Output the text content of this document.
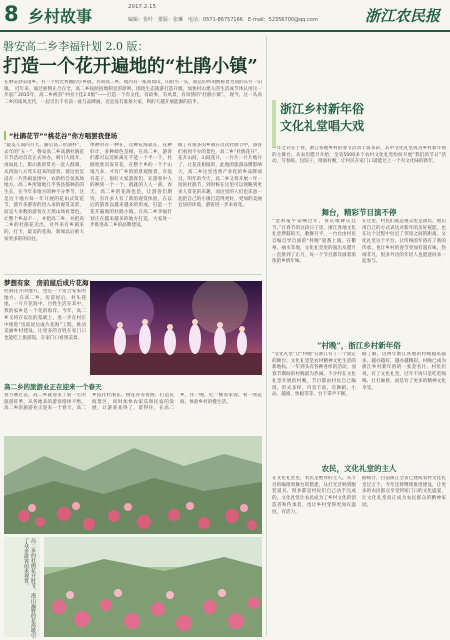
8 乡村故事	2017.2.15
编辑：优叶　排版：张琳　电话：0571-86757166　E-mail：52356700@qq.com	浙江农民报
磐安高二乡李福针划 2.0 版：
打造一个花开遍地的“杜鹃小镇”
在磐安县安南乡，有一个用光秀丽的小乡镇，名叫高二乡，境内有一座高岗山，山的另一头，就是的所谓被称誉为顶的东方一山镇。 近年来，通过浙磐正合在全，高二乡按照因地制宜的原则，围绕生态旅游打造升级，加快村山建人的生活成节体认用这一步前广2015年，高二乡被省“中国十佳2.0版”——打造一个有文化，有故事，有风景，有风情的“杜鹃小镇”。 现今，这一从高二乡的南风光代，一起引出千名前一座与品牌画。近是没有准备大家，利的天越开展能源的信乎。
“杜鹃花节”“桃花谷”你方唱罢我登场
“最美人间四月天，随后高二杜鹃杯”，去年的“五一”，磐安高二乡高塘杜鹃花开节活动首次正式举办，吸引大批开，再如此上，影山新的赏名一直人群满，从四面八方驾车赶来的游客，使这里沉浸在一片热闹氛围中，农的约会氛高场地方。高二乡所辖地几乎各县都种苗的生长，在今年多地方的种不分季节，这是这个地方每一年开展的花田式赏花节，使许多游客的进入来的观赏美景，而是大多数的游客在天然山场看景色，让整个乡品不一，并把高二乡，并把高二乡的杜鹃花卖出，对外来有乡镇来的，打卡，最美的花海，新闻以后被大家更多的的向往。
单种对有一种在，这种花海就在，花种好计，多种颜色是相，在高二乡，游客们都可以近距离在不能一个平一千，杜鹃欣欣向发芽花，在整个乡的一个个山地乃多，才有广乡的的景观图景，有没有花子，很好大家游客们，在游客中人的种到一个一个，就就的人人一部。春天，高二乡的花海也是，让游客们期待，有许多人有了新的观赏体验，在以后的游客以越来越多的形成，打造一个花开遍地的杜鹃小镇。在高二乡李福针划正在越来越多的地方打造，大家进一步推进高二乡的品牌建设。
做了有很多的乡镇在这次杜鹃节中，游客们看到不少的景色，高二乡“杜鹃花开”，花开山间，山间花开，一片片一片片地开了，让花花相接的，此地的旅游品牌影响大，高二乡这里也将产业化的乡品牌项目。明年的今天，高二乡又将开展一年一度的杜鹃节，到时候在这里可以领略到更多人赏花的乐趣，而这里的人们也乐意一起把自己的小镇打造得更好，更加的美丽宜居的环境，游客进一步来看花。
梦想有家　房前屋后成片花海
杜鹃花开的地方，也是一个适合安家的地方，在高二乡，房前屋后，村头巷尾，一片片花海中，百姓生活在其中，我的家乡是一个花的海洋。今年，高二乡又将在以往的基础上，进一步在村庄中推进“房前屋后成片花海”工程，推动美丽乡村建设。让更多的百姓在家门口也能吃上旅游饭，在家门口看到美景。
高二乡的旅游业正在迎来一个春天
春节刚过去，高二乡就迎来了新一年的旅游旺季，从各地来的游客络绎不绝。高二乡的旅游业正迎来一个春天，高二乡依托杜鹃花、桃花谷等资源，打造花海景区，同时加快农家乐和民宿的发展，让游客来得了，留得住，在高二乡，住一晚，吃一顿农家饭，看一场花海，体验乡村的慢生活。
高二乡的杜鹃花开时节，漫山遍野的花海吸引了众多游客前来观赏。
浙江乡村新年俗
文化礼堂唱大戏
一年之计在于春，浙江各地乡村的春节活动丰富多彩，其中文化礼堂成为乡村新年俗的主舞台。从农历腊月开始，全省5000多个农村文化礼堂纷纷开展“我们的节日”活动，写春联、包饺子、排演村晚，让村民在家门口就能过上一个有文化味的新年。
舞台，精彩节目演不停
“金鸡报平安啊过年，喜庆歌舞庆佳节。”在春节的这段日子里，浙江各地文化礼堂锣鼓喧天，歌舞升平，一台台由村民自编自导自演的“村晚”轮番上演。在衢州、丽水等地，文化礼堂里的演出从腊月一直排到了正月，每一个节目都洋溢着浓浓的乡情年味。
在这里，村民们既是观众也是演员，他们用自己的方式表达对新年的美好祝愿，也在这个过程中拉近了邻里之间的距离。文化礼堂这个平台，让传统的年俗有了新的传承，也让乡村的春节更加有滋有味，热闹非凡，很多外出的年轻人也愿意回来一起参与。
“村晚”，浙江乡村新年俗
“文化礼堂”让“村晚”在浙江有了一个固定的舞台。文化礼堂是农村精神文化生活的新地标，一年到头有各种各样的活动，而春节期间的村晚最为热闹。不少村在文化礼堂开展的村晚，节目都由村民自己编排，形式多样，内容丰富，有舞蹈、小品、越剧、快板等等，台下掌声不断。
据了解，这两年浙江各地的村晚越来越多，越办越好，越办越精彩。村晚已成为浙江乡村新年俗的一张金名片。村民们说，有了文化礼堂，过年不再只是吃吃喝喝、打打麻将，而是有了更多的精神文化享受。
农民，文化礼堂的主人
在文化礼堂里，农民是绝对的主人。从节目的编排到舞台的搭建，从灯光音响到服装道具，很多都是村民们自己动手完成的。文化礼堂让农民成为了乡村文化的创造者和传承者，也让乡村变得更加有温度，有活力。
据统计，目前浙江全省已建成农村文化礼堂过万个，今年还将继续推进建设，让更多的农民群众享受到家门口的文化盛宴，让文化礼堂真正成为农民群众的精神家园。
